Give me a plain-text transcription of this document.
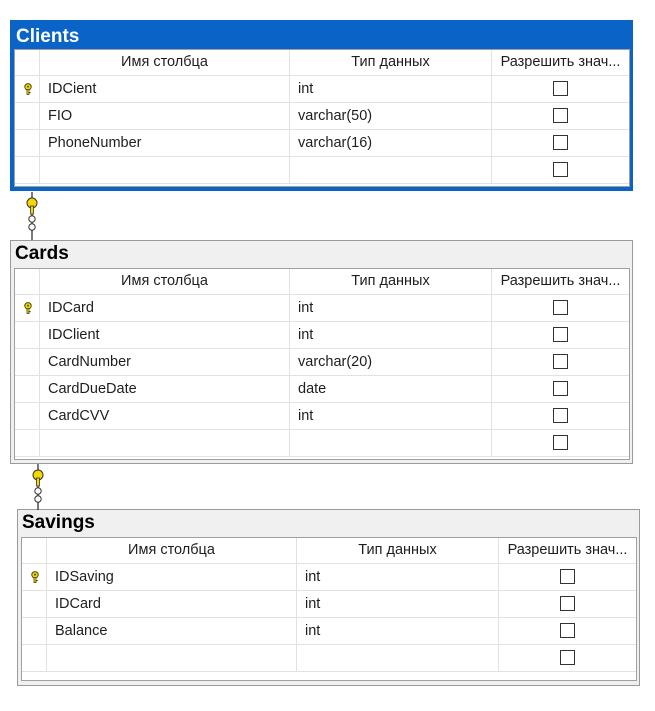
Clients
Имя столбца	Тип данных	Разрешить знач...
IDCient	int
FIO	varchar(50)
PhoneNumber	varchar(16)
Cards
Имя столбца	Тип данных	Разрешить знач...
IDCard	int
IDClient	int
CardNumber	varchar(20)
CardDueDate	date
CardCVV	int
Savings
Имя столбца	Тип данных	Разрешить знач...
IDSaving	int
IDCard	int
Balance	int
